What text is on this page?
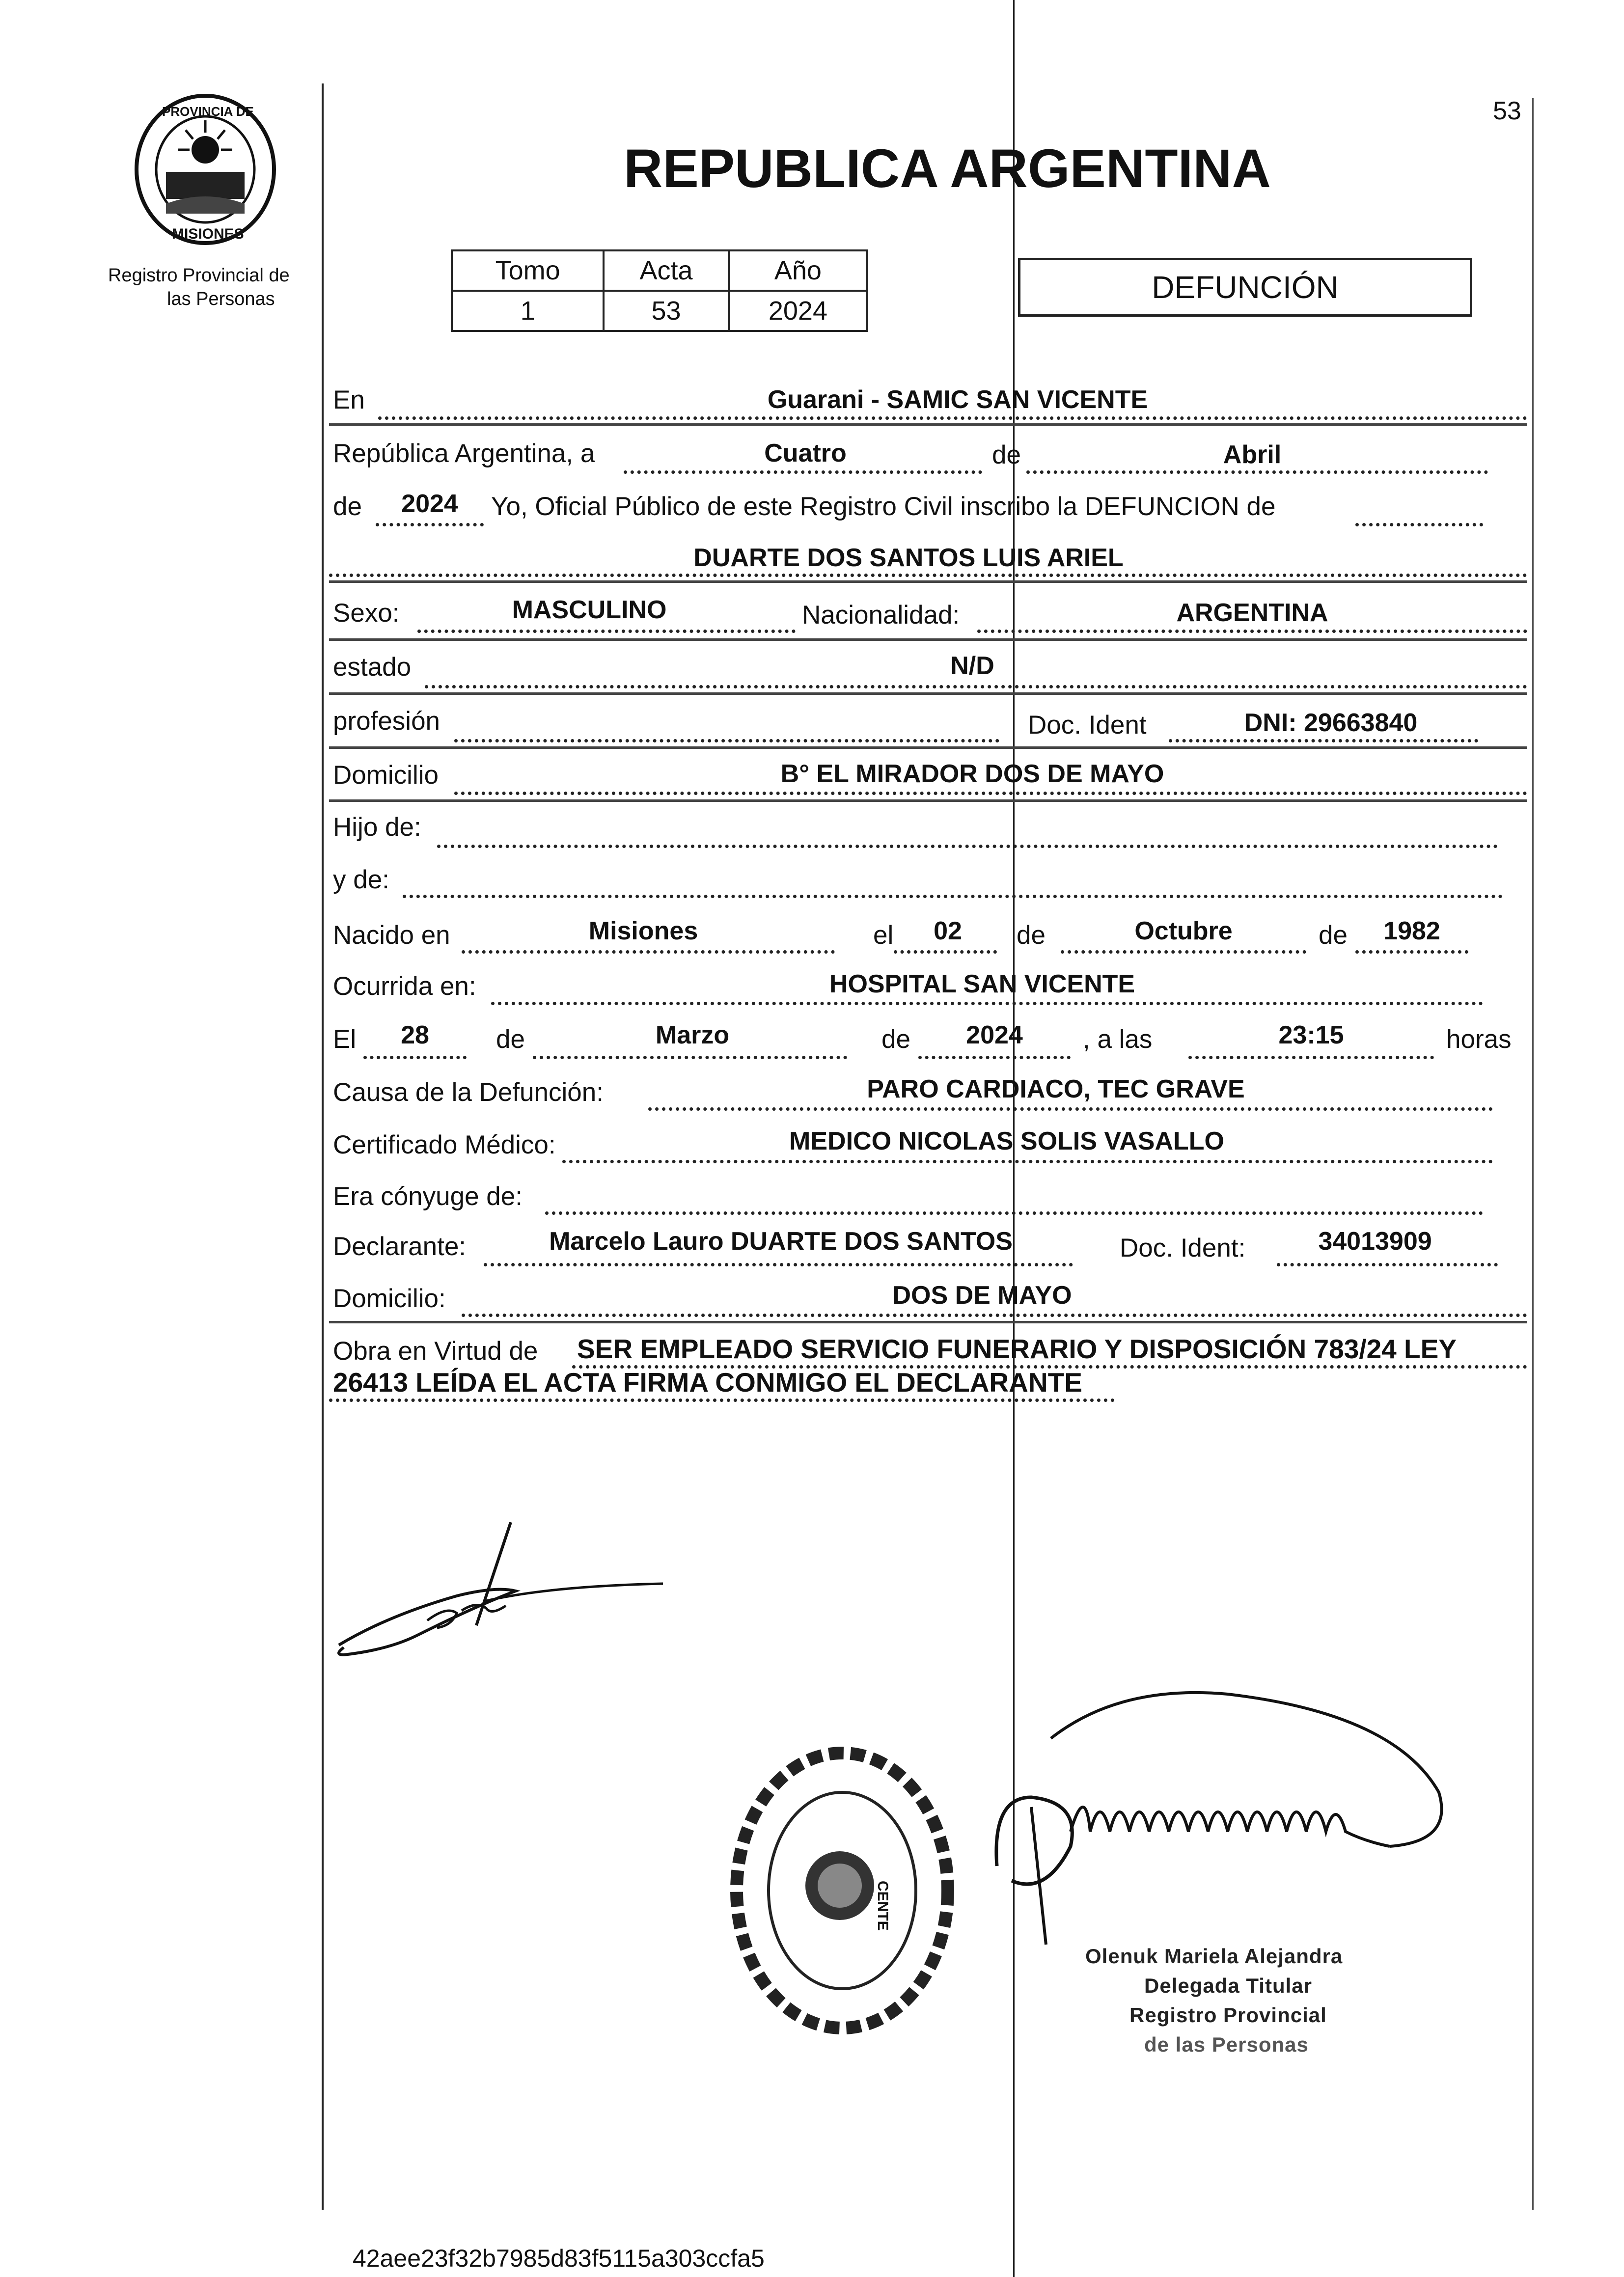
53
PROVINCIA DE
MISIONES
Registro Provincial de
las Personas
REPUBLICA ARGENTINA
Tomo	Acta	Año
1	53	2024
DEFUNCIÓN
En	Guarani - SAMIC SAN VICENTE
República Argentina, a	Cuatro	de	Abril
de	2024	Yo, Oficial Público de este Registro Civil inscribo la DEFUNCION de
DUARTE DOS SANTOS LUIS ARIEL
Sexo:	MASCULINO	Nacionalidad:	ARGENTINA
estado	N/D
profesión	Doc. Ident	DNI: 29663840
Domicilio	B° EL MIRADOR DOS DE MAYO
Hijo de:
y de:
Nacido en	Misiones	el	02	de	Octubre	de	1982
Ocurrida en:	HOSPITAL SAN VICENTE
El	28	de	Marzo	de	2024	, a las	23:15	horas
Causa de la Defunción:	PARO CARDIACO, TEC GRAVE
Certificado Médico:	MEDICO NICOLAS SOLIS VASALLO
Era cónyuge de:
Declarante:	Marcelo Lauro DUARTE DOS SANTOS	Doc. Ident:	34013909
Domicilio:	DOS DE MAYO
Obra en Virtud de SER EMPLEADO SERVICIO FUNERARIO Y DISPOSICIÓN 783/24 LEY
26413 LEÍDA EL ACTA FIRMA CONMIGO EL DECLARANTE
CENTE
Olenuk Mariela Alejandra
Delegada Titular
Registro Provincial
de las Personas
42aee23f32b7985d83f5115a303ccfa5
